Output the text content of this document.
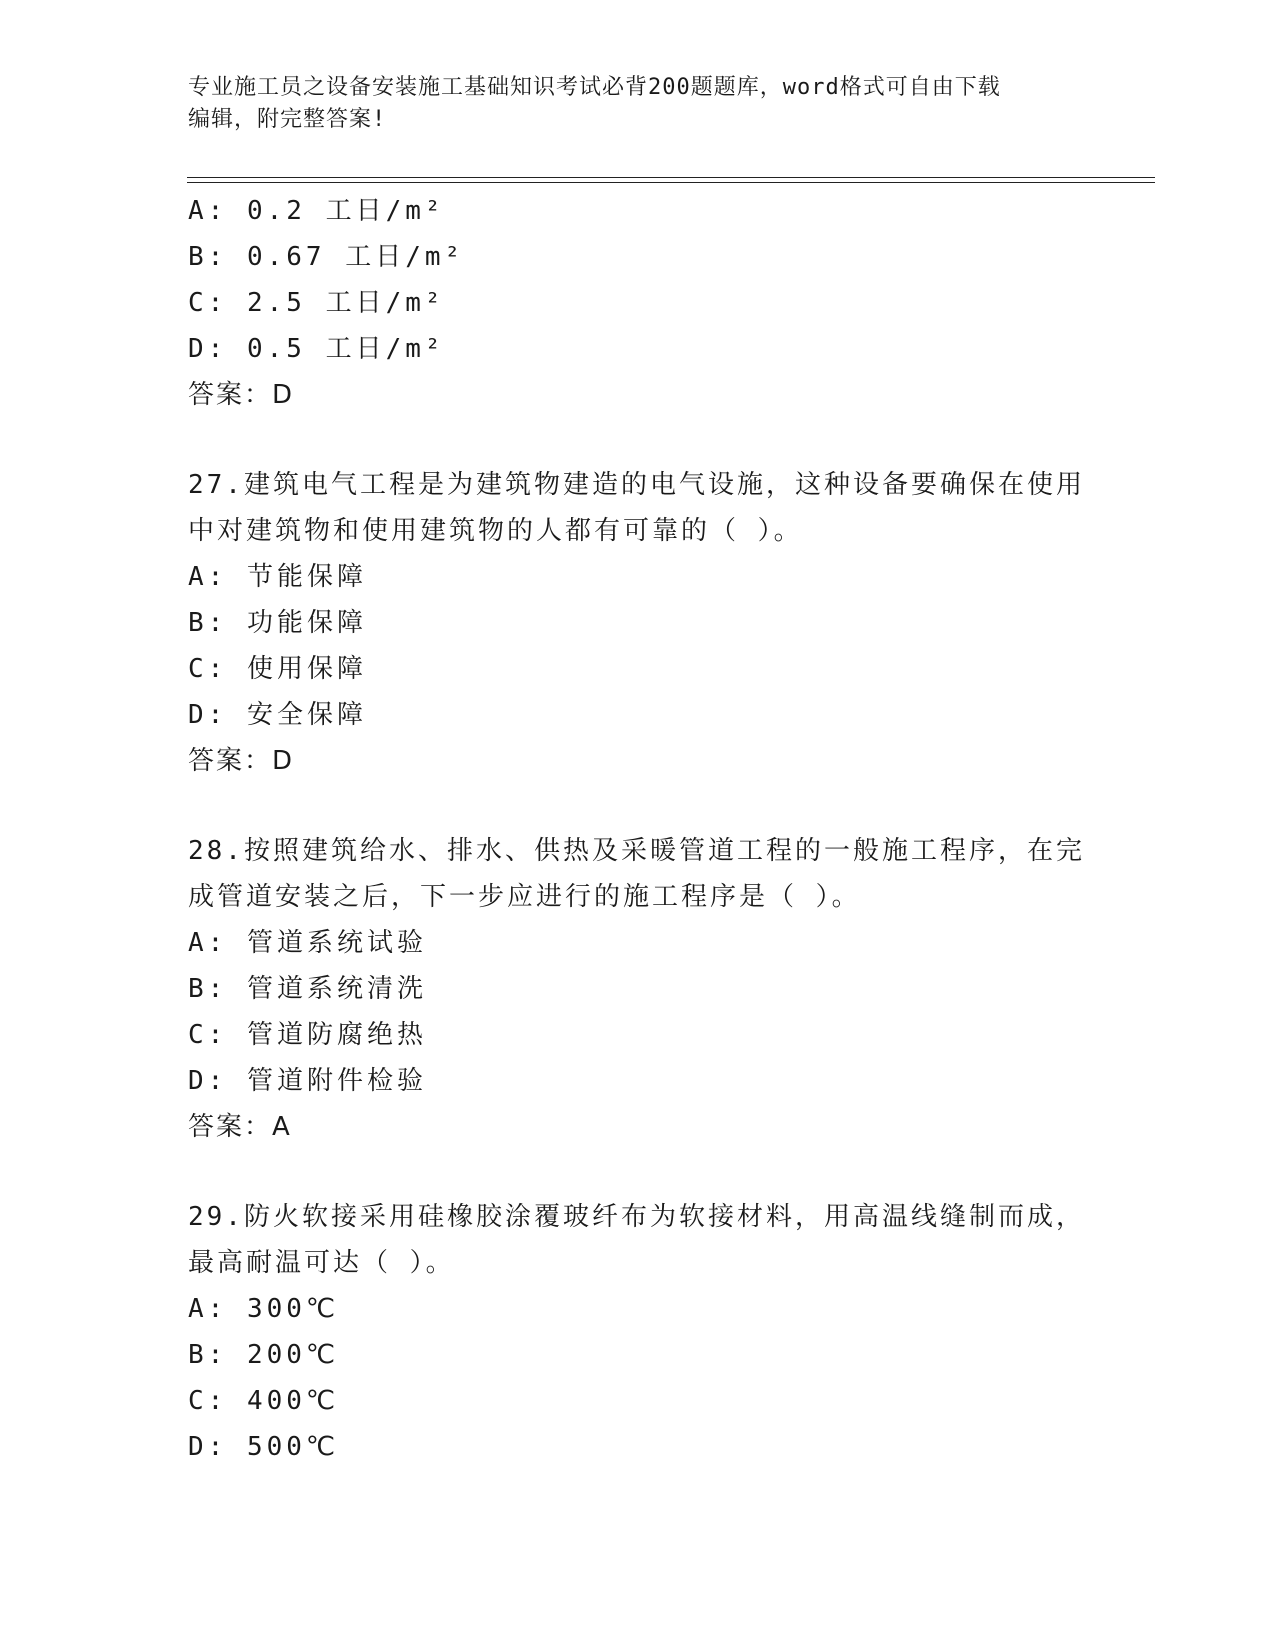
专业施工员之设备安装施工基础知识考试必背200题题库，word格式可自由下载
编辑，附完整答案!
A: 0.2 工日/m²
B: 0.67 工日/m²
C: 2.5 工日/m²
D: 0.5 工日/m²
答案：D
27.建筑电气工程是为建筑物建造的电气设施，这种设备要确保在使用
中对建筑物和使用建筑物的人都有可靠的（ ）。
A: 节能保障
B: 功能保障
C: 使用保障
D: 安全保障
答案：D
28.按照建筑给水、排水、供热及采暖管道工程的一般施工程序，在完
成管道安装之后，下一步应进行的施工程序是（ ）。
A: 管道系统试验
B: 管道系统清洗
C: 管道防腐绝热
D: 管道附件检验
答案：A
29.防火软接采用硅橡胶涂覆玻纤布为软接材料，用高温线缝制而成，
最高耐温可达（ ）。
A: 300℃
B: 200℃
C: 400℃
D: 500℃
